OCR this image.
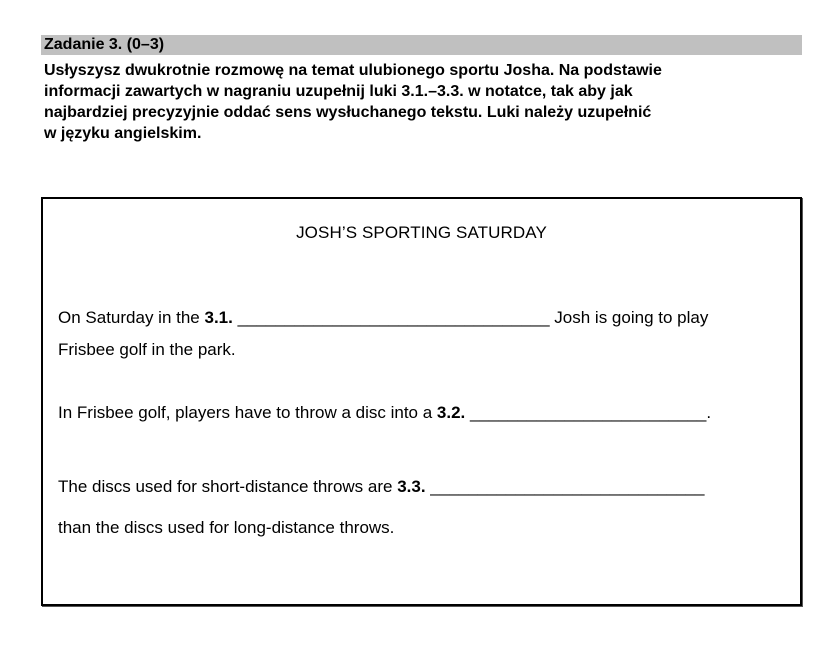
Zadanie 3. (0–3)
Usłyszysz dwukrotnie rozmowę na temat ulubionego sportu Josha. Na podstawie
informacji zawartych w nagraniu uzupełnij luki 3.1.–3.3. w notatce, tak aby jak
najbardziej precyzyjnie oddać sens wysłuchanego tekstu. Luki należy uzupełnić
w języku angielskim.
JOSH’S SPORTING SATURDAY
On Saturday in the 3.1. _________________________________ Josh is going to play
Frisbee golf in the park.
In Frisbee golf, players have to throw a disc into a 3.2. _________________________.
The discs used for short-distance throws are 3.3. _____________________________
than the discs used for long-distance throws.
